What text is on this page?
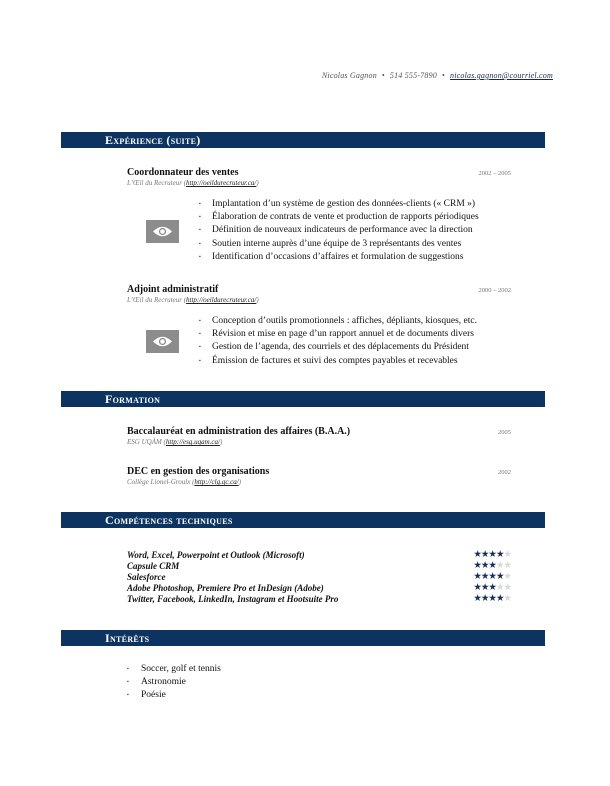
Nicolas Gagnon • 514 555-7890 • nicolas.gagnon@courriel.com
Expérience (suite)
Coordonnateur des ventes	2002 – 2005
L’Œil du Recruteur (http://oeildurecruteur.ca/)
▪ Implantation d’un système de gestion des données-clients (« CRM »)
▪ Élaboration de contrats de vente et production de rapports périodiques
▪ Définition de nouveaux indicateurs de performance avec la direction
▪ Soutien interne auprès d’une équipe de 3 représentants des ventes
▪ Identification d’occasions d’affaires et formulation de suggestions
Adjoint administratif	2000 – 2002
L’Œil du Recruteur (http://oeildurecruteur.ca/)
▪ Conception d’outils promotionnels : affiches, dépliants, kiosques, etc.
▪ Révision et mise en page d’un rapport annuel et de documents divers
▪ Gestion de l’agenda, des courriels et des déplacements du Président
▪ Émission de factures et suivi des comptes payables et recevables
Formation
Baccalauréat en administration des affaires (B.A.A.)	2005
ESG UQÀM (http://esg.uqam.ca/)
DEC en gestion des organisations	2002
Collège Lionel-Groulx (http://clg.qc.ca/)
Compétences techniques
Word, Excel, Powerpoint et Outlook (Microsoft)	★★★★★
Capsule CRM	★★★★★
Salesforce	★★★★★
Adobe Photoshop, Premiere Pro et InDesign (Adobe)	★★★★★
Twitter, Facebook, LinkedIn, Instagram et Hootsuite Pro	★★★★★
Intérêts
▪ Soccer, golf et tennis
▪ Astronomie
▪ Poésie
